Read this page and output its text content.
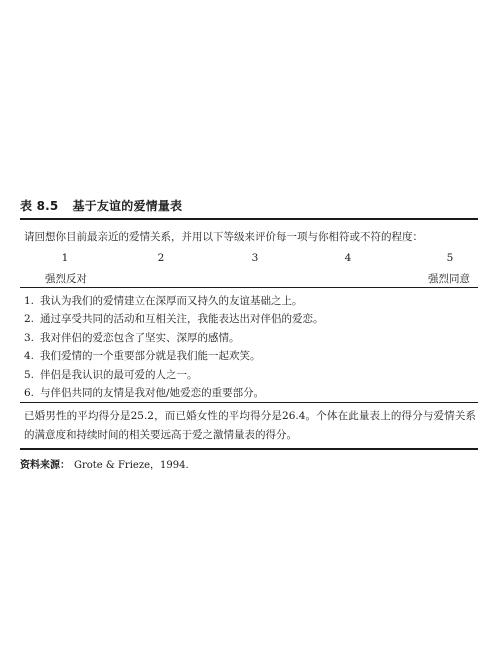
表 8.5 基于友谊的爱情量表
请回想你目前最亲近的爱情关系，并用以下等级来评价每一项与你相符或不符的程度：
1	2	3	4	5
强烈反对	强烈同意
1. 我认为我们的爱情建立在深厚而又持久的友谊基础之上。
2. 通过享受共同的活动和互相关注，我能表达出对伴侣的爱恋。
3. 我对伴侣的爱恋包含了坚实、深厚的感情。
4. 我们爱情的一个重要部分就是我们能一起欢笑。
5. 伴侣是我认识的最可爱的人之一。
6. 与伴侣共同的友情是我对他/她爱恋的重要部分。
已婚男性的平均得分是25.2，而已婚女性的平均得分是26.4。个体在此量表上的得分与爱情关系的满意度和持续时间的相关要远高于爱之激情量表的得分。
资料来源： Grote & Frieze，1994.
